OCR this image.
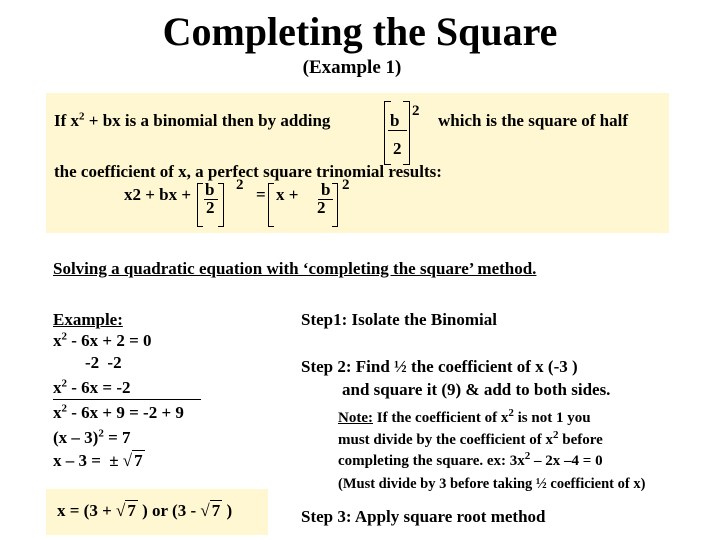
Completing the Square
(Example 1)
If $x^2$ + bx is a binomial then by adding	b
2
2 which is the square of half
the coefficient of x, a perfect square trinomial results:
x2 + bx + b
2
2 = x + b
2
2
Solving a quadratic equation with ‘completing the square’ method.
Example:
$x^2 - 6x + 2 = 0$
-2 -2
$x^2 - 6x = -2$
$x^2 - 6x + 9 = -2 + 9$
(x – 3)$^2$ = 7
x – 3 = ± √ 7
x = (3 + √ 7 ) or (3 - √ 7 )
Step1: Isolate the Binomial
Step 2: Find ½ the coefficient of x (-3 )
and square it (9) & add to both sides.
Note: If the coefficient of $x^2$ is not 1 you
must divide by the coefficient of $x^2$ before
completing the square. ex: $3x^2 - 2x$ –4 = 0
(Must divide by 3 before taking ½ coefficient of x)
Step 3: Apply square root method
